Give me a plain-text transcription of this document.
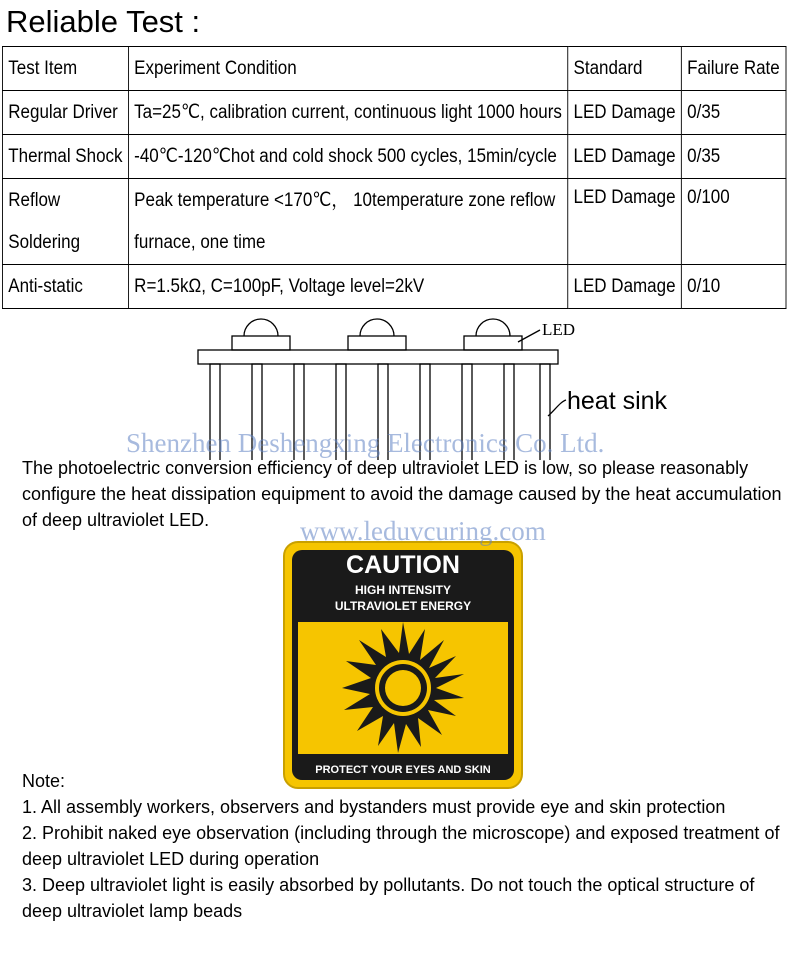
Reliable Test :
Test Item	Experiment Condition	Standard	Failure Rate
Regular Driver	Ta=25℃, calibration current, continuous light 1000 hours	LED Damage	0/35
Thermal Shock	-40℃-120℃hot and cold shock 500 cycles, 15min/cycle	LED Damage	0/35

Reflow Soldering	Peak temperature <170℃， 10temperature zone reflow furnace, one time	LED Damage	0/100
Anti-static	R=1.5kΩ, C=100pF, Voltage level=2kV	LED Damage	0/10
LED
heat sink
The photoelectric conversion efficiency of deep ultraviolet LED is low, so please reasonably configure the heat dissipation equipment to avoid the damage caused by the heat accumulation of deep ultraviolet LED.
Shenzhen Deshengxing Electronics Co. Ltd.
CAUTION
HIGH INTENSITY
ULTRAVIOLET ENERGY
PROTECT YOUR EYES AND SKIN
www.leduvcuring.com

Note:

1. All assembly workers, observers and bystanders must provide eye and skin protection

2. Prohibit naked eye observation (including through the microscope) and exposed treatment of deep ultraviolet LED during operation

3. Deep ultraviolet light is easily absorbed by pollutants. Do not touch the optical structure of deep ultraviolet lamp beads
